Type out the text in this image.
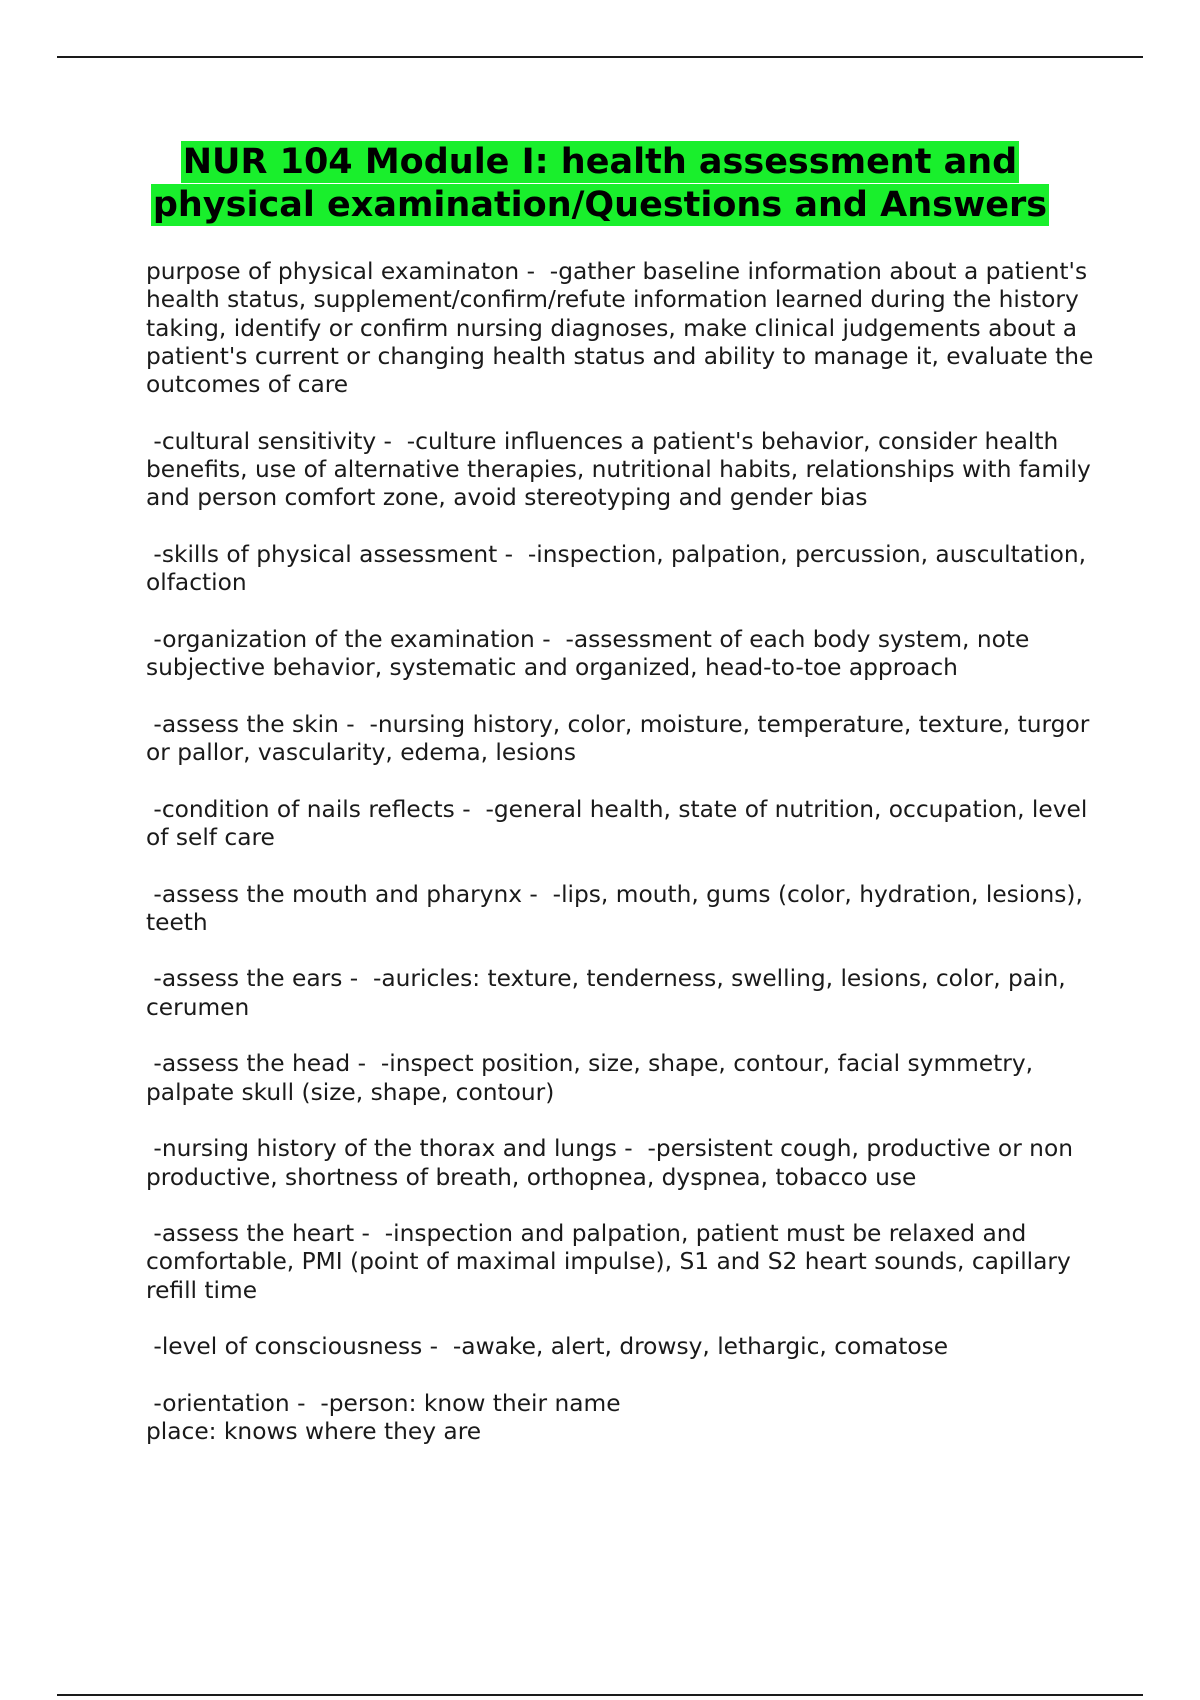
NUR 104 Module I: health assessment and
physical examination/Questions and Answers

purpose of physical examinaton -  -gather baseline information about a patient's health status, supplement/confirm/refute information learned during the history taking, identify or confirm nursing diagnoses, make clinical judgements about a patient's current or changing health status and ability to manage it, evaluate the outcomes of care

-cultural sensitivity -  -culture influences a patient's behavior, consider health benefits, use of alternative therapies, nutritional habits, relationships with family and person comfort zone, avoid stereotyping and gender bias

-skills of physical assessment -  -inspection, palpation, percussion, auscultation, olfaction

-organization of the examination -  -assessment of each body system, note subjective behavior, systematic and organized, head-to-toe approach

-assess the skin -  -nursing history, color, moisture, temperature, texture, turgor or pallor, vascularity, edema, lesions

-condition of nails reflects -  -general health, state of nutrition, occupation, level of self care

-assess the mouth and pharynx -  -lips, mouth, gums (color, hydration, lesions), teeth

-assess the ears -  -auricles: texture, tenderness, swelling, lesions, color, pain, cerumen

-assess the head -  -inspect position, size, shape, contour, facial symmetry, palpate skull (size, shape, contour)

-nursing history of the thorax and lungs -  -persistent cough, productive or non productive, shortness of breath, orthopnea, dyspnea, tobacco use

-assess the heart -  -inspection and palpation, patient must be relaxed and comfortable, PMI (point of maximal impulse), S1 and S2 heart sounds, capillary refill time

-level of consciousness -  -awake, alert, drowsy, lethargic, comatose

-orientation -  -person: know their name
place: knows where they are
